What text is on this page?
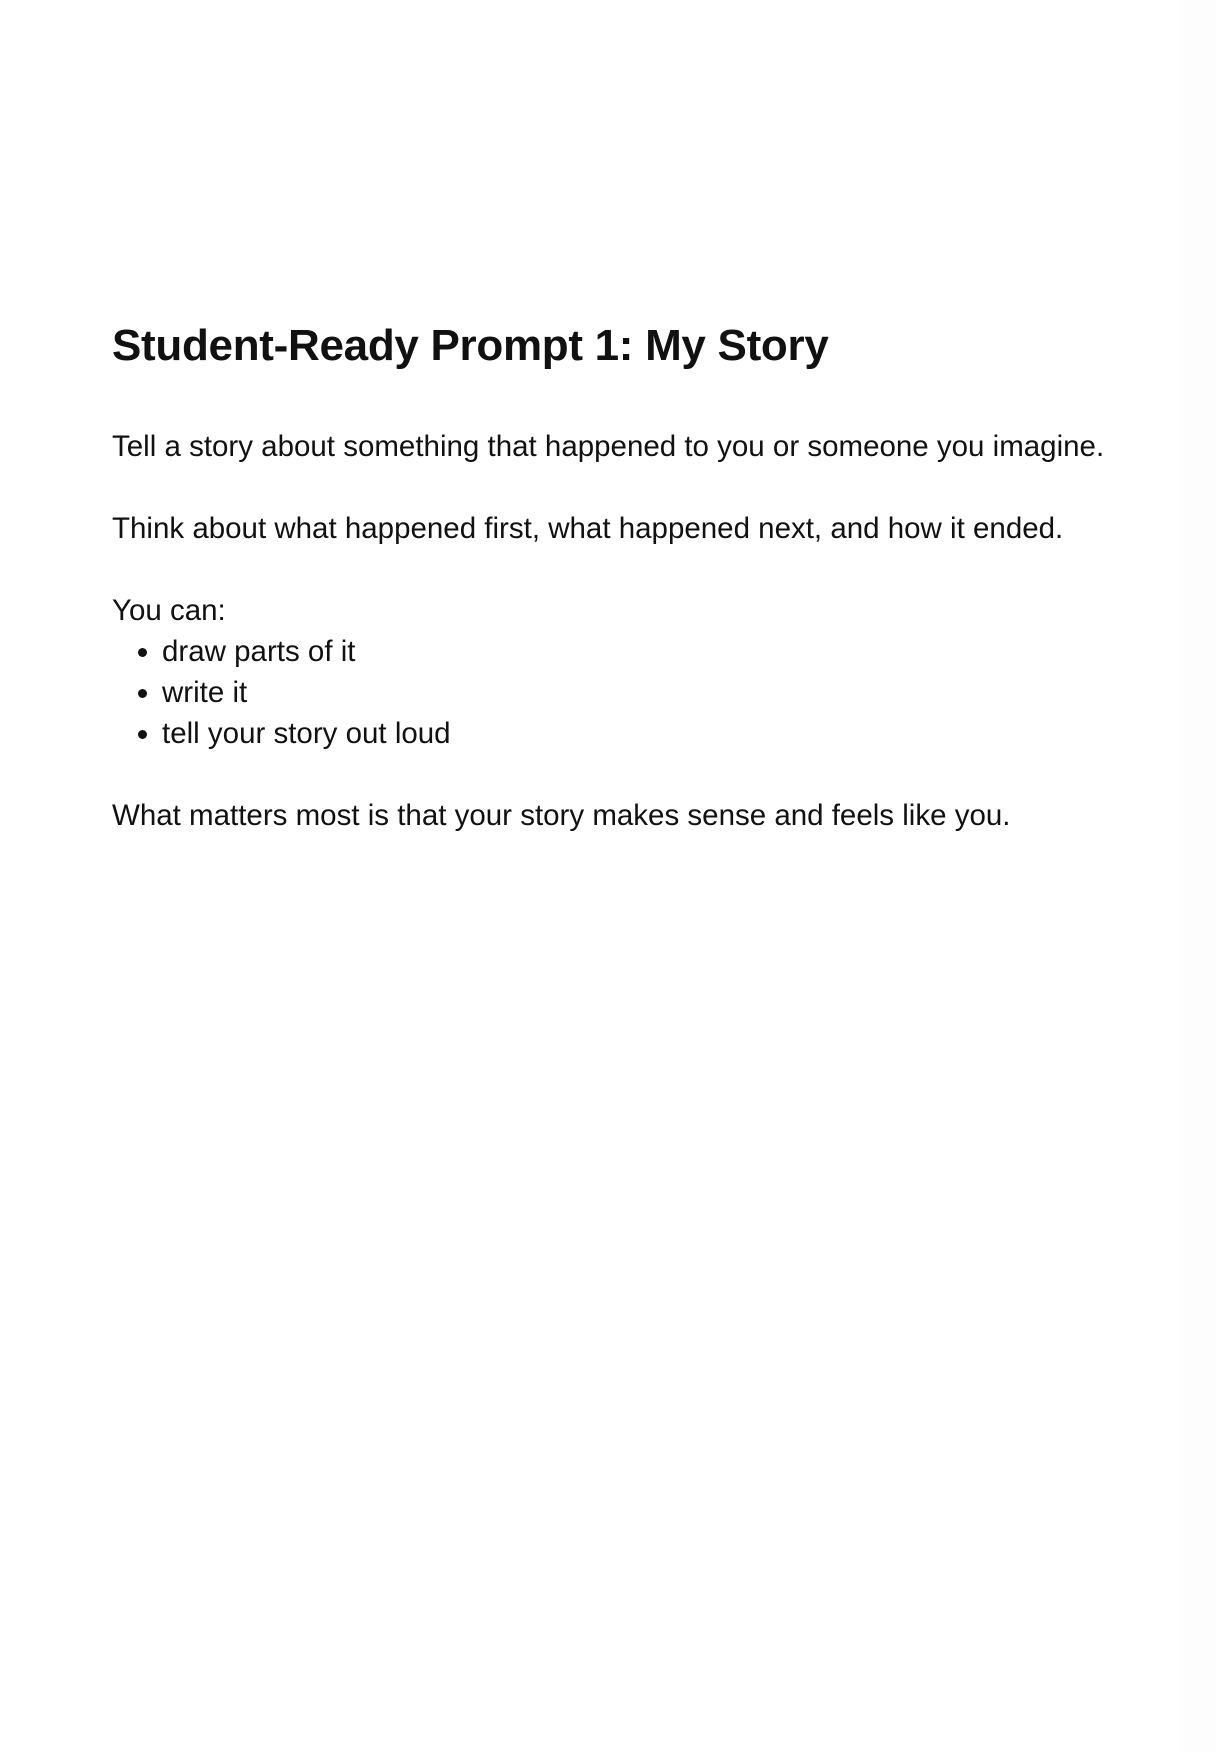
Student-Ready Prompt 1: My Story

Tell a story about something that happened to you or someone you imagine.

Think about what happened first, what happened next, and how it ended.

You can:

• draw parts of it
• write it
• tell your story out loud

What matters most is that your story makes sense and feels like you.
